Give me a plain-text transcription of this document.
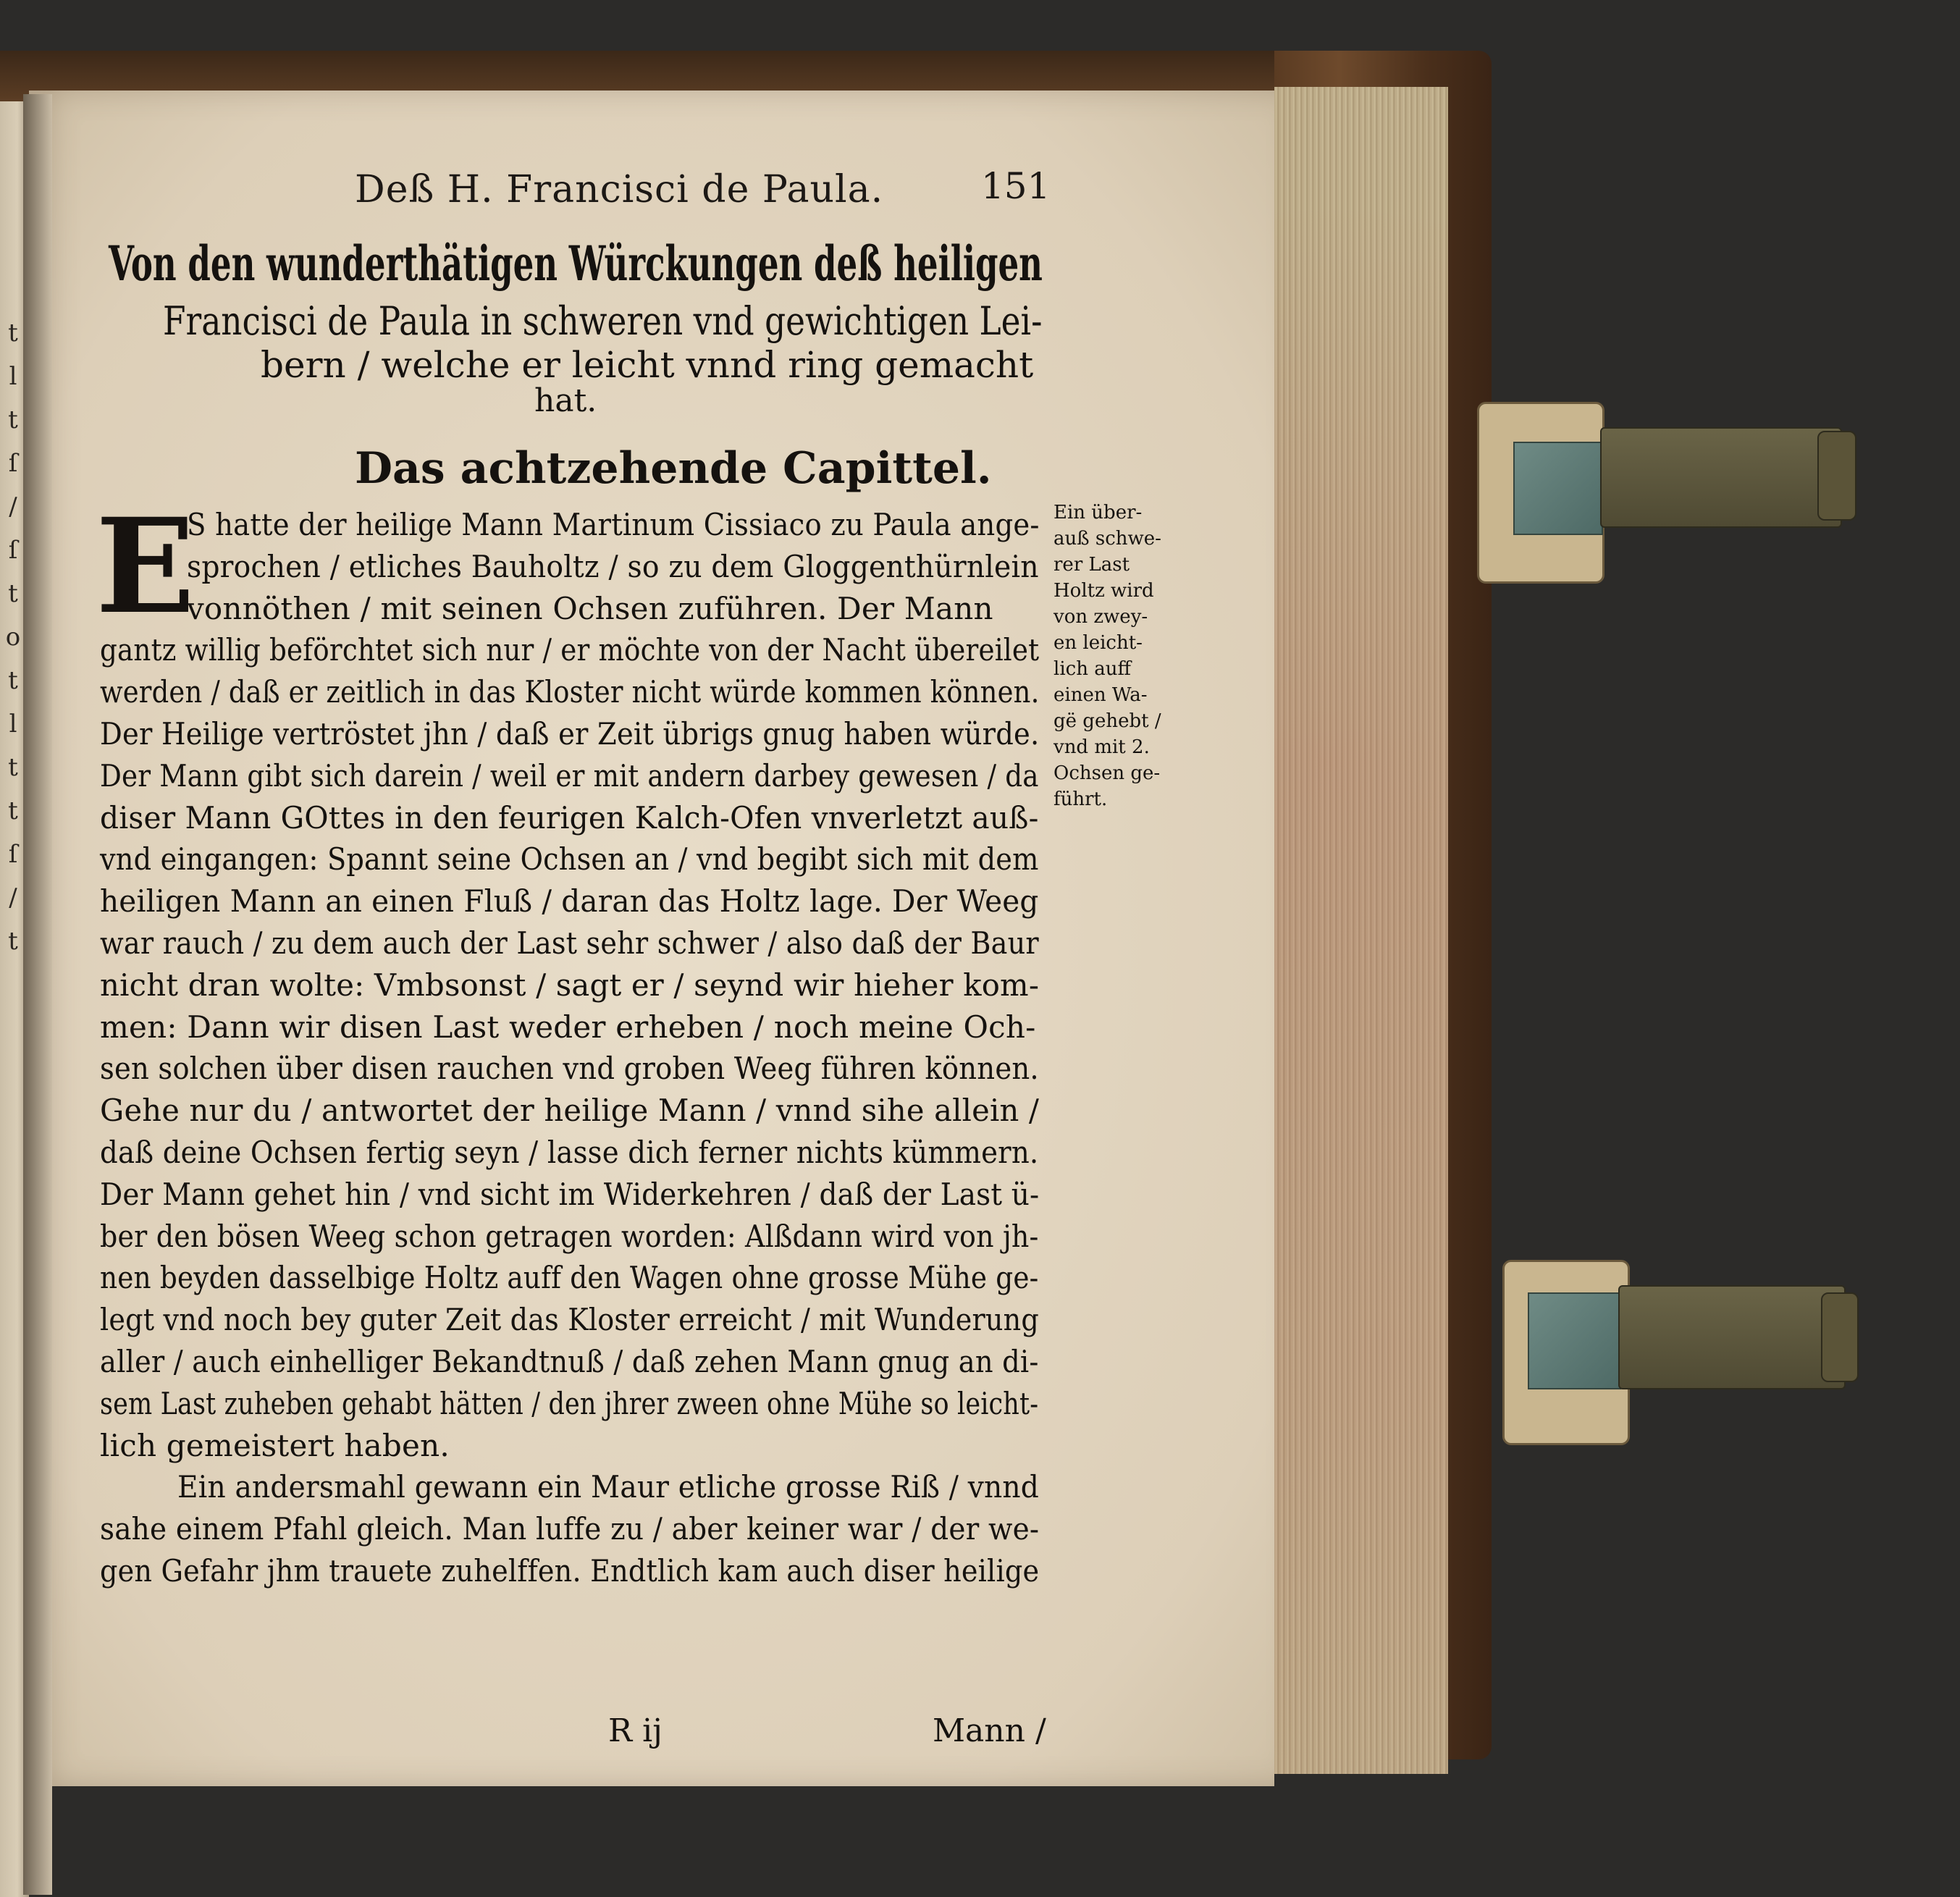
t
l
t
ſ
/
ſ
t
o
t
l
t
t
ſ
/
t
Deß H. Francisci de Paula.	151
Von den wunderthätigen Würckungen deß heiligen
Francisci de Paula in schweren vnd gewichtigen Lei-
bern / welche er leicht vnnd ring gemacht
hat.
Das achtzehende Capittel.
E
S hatte der heilige Mann Martinum Cissiaco zu Paula ange-
sprochen / etliches Bauholtz / so zu dem Gloggenthürnlein
vonnöthen / mit seinen Ochsen zuführen. Der Mann
gantz willig beförchtet sich nur / er möchte von der Nacht übereilet
werden / daß er zeitlich in das Kloster nicht würde kommen können.
Der Heilige vertröstet jhn / daß er Zeit übrigs gnug haben würde.
Der Mann gibt sich darein / weil er mit andern darbey gewesen / da
diser Mann GOttes in den feurigen Kalch-Ofen vnverletzt auß-
vnd eingangen: Spannt seine Ochsen an / vnd begibt sich mit dem
heiligen Mann an einen Fluß / daran das Holtz lage. Der Weeg
war rauch / zu dem auch der Last sehr schwer / also daß der Baur
nicht dran wolte: Vmbsonst / sagt er / seynd wir hieher kom-
men: Dann wir disen Last weder erheben / noch meine Och-
sen solchen über disen rauchen vnd groben Weeg führen können.
Gehe nur du / antwortet der heilige Mann / vnnd sihe allein /
daß deine Ochsen fertig seyn / lasse dich ferner nichts kümmern.
Der Mann gehet hin / vnd sicht im Widerkehren / daß der Last ü-
ber den bösen Weeg schon getragen worden: Alßdann wird von jh-
nen beyden dasselbige Holtz auff den Wagen ohne grosse Mühe ge-
legt vnd noch bey guter Zeit das Kloster erreicht / mit Wunderung
aller / auch einhelliger Bekandtnuß / daß zehen Mann gnug an di-
sem Last zuheben gehabt hätten / den jhrer zween ohne Mühe so leicht-
lich gemeistert haben.
Ein andersmahl gewann ein Maur etliche grosse Riß / vnnd
sahe einem Pfahl gleich. Man luffe zu / aber keiner war / der we-
gen Gefahr jhm trauete zuhelffen. Endtlich kam auch diser heilige
Ein über-
auß schwe-
rer Last
Holtz wird
von zwey-
en leicht-
lich auff
einen Wa-
gë gehebt /
vnd mit 2.
Ochsen ge-
führt.
R ij	Mann /
